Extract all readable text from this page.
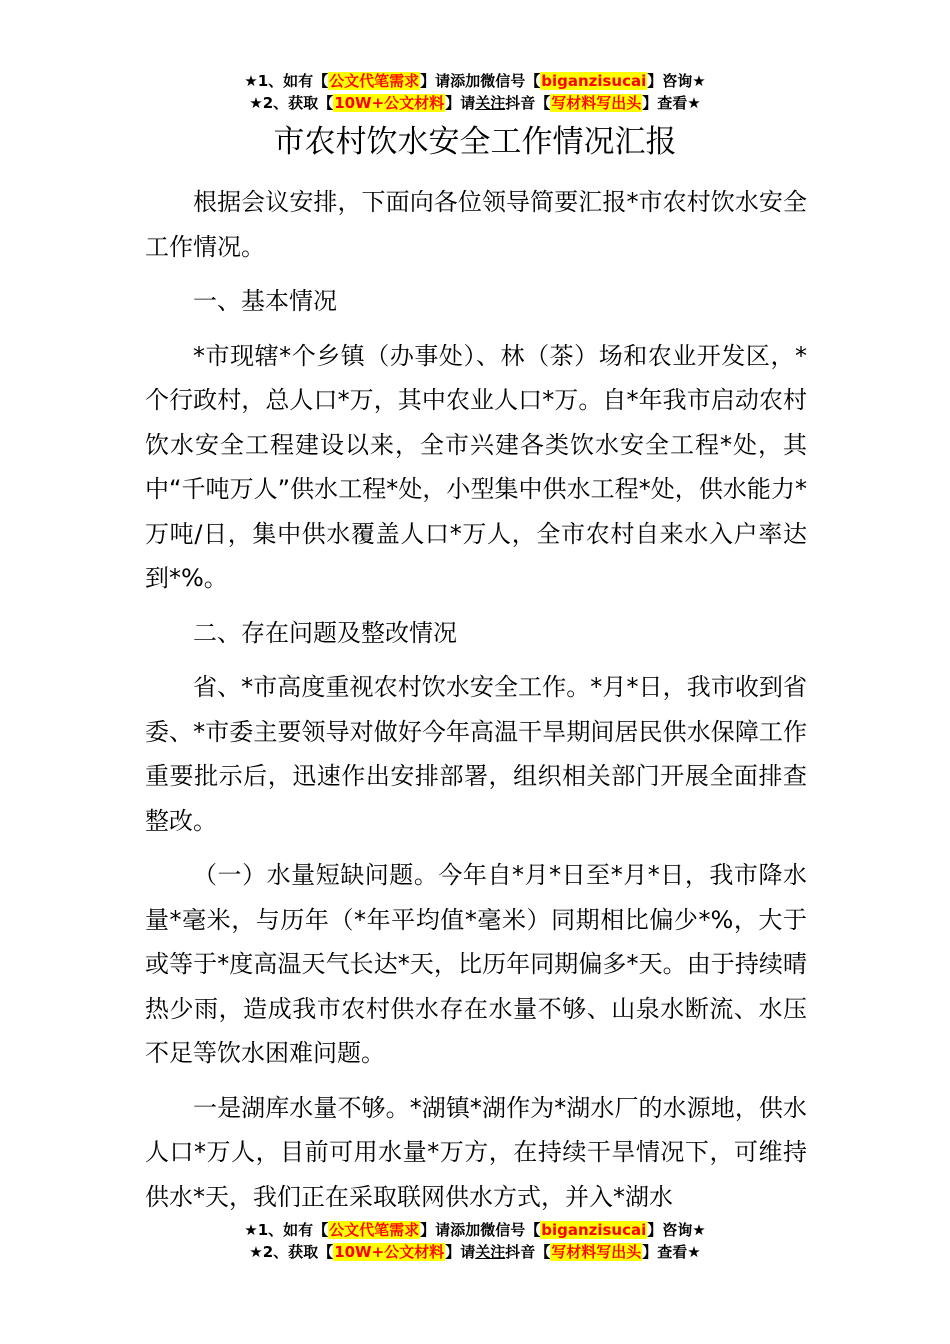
★1、如有【公文代笔需求】请添加微信号【biganzisucai】咨询★
★2、获取【10W+公文材料】请关注抖音【写材料写出头】查看★
市农村饮水安全工作情况汇报

根据会议安排，下面向各位领导简要汇报*市农村饮水安全工作情况。

一、基本情况

*市现辖*个乡镇（办事处）、林（茶）场和农业开发区，*个行政村，总人口*万，其中农业人口*万。自*年我市启动农村饮水安全工程建设以来，全市兴建各类饮水安全工程*处，其中“千吨万人”供水工程*处，小型集中供水工程*处，供水能力*万吨/日，集中供水覆盖人口*万人，全市农村自来水入户率达到*%。

二、存在问题及整改情况

省、*市高度重视农村饮水安全工作。*月*日，我市收到省委、*市委主要领导对做好今年高温干旱期间居民供水保障工作重要批示后，迅速作出安排部署，组织相关部门开展全面排查整改。

（一）水量短缺问题。今年自*月*日至*月*日，我市降水量*毫米，与历年（*年平均值*毫米）同期相比偏少*%，大于或等于*度高温天气长达*天，比历年同期偏多*天。由于持续晴热少雨，造成我市农村供水存在水量不够、山泉水断流、水压不足等饮水困难问题。

一是湖库水量不够。*湖镇*湖作为*湖水厂的水源地，供水人口*万人，目前可用水量*万方，在持续干旱情况下，可维持供水*天，我们正在采取联网供水方式，并入*湖水

★1、如有【公文代笔需求】请添加微信号【biganzisucai】咨询★
★2、获取【10W+公文材料】请关注抖音【写材料写出头】查看★
